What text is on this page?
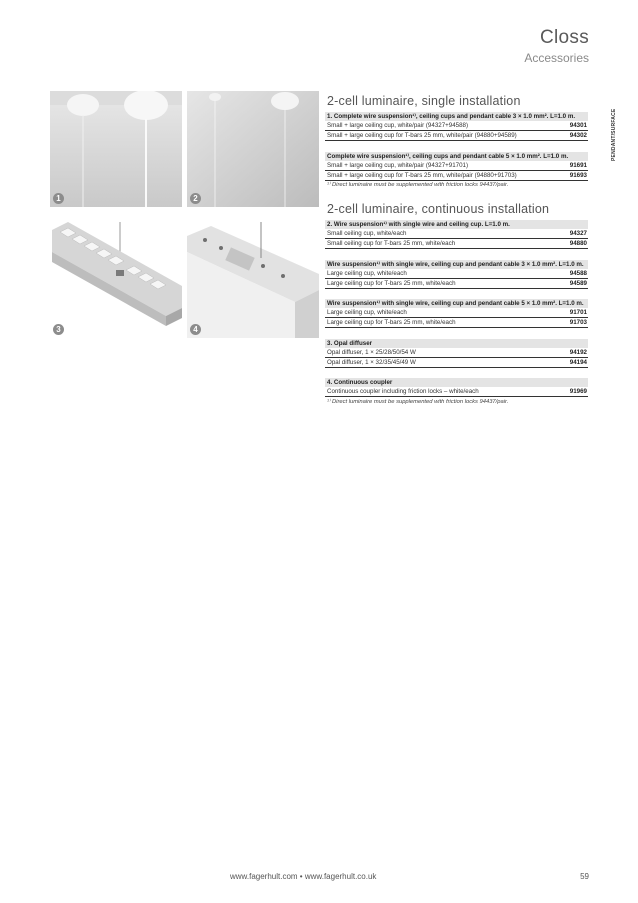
Closs
Accessories
PENDANT/SURFACE
1	2
3	4
2-cell luminaire, single installation
1. Complete wire suspension¹⁾, ceiling cups and pendant cable 3 × 1.0 mm². L=1.0 m.
Small + large ceiling cup, white/pair (94327+94588)	94301
Small + large ceiling cup for T-bars 25 mm, white/pair (94880+94589)	94302
Complete wire suspension¹⁾, ceiling cups and pendant cable 5 × 1.0 mm². L=1.0 m.
Small + large ceiling cup, white/pair (94327+91701)	91691
Small + large ceiling cup for T-bars 25 mm, white/pair (94880+91703)	91693
¹⁾ Direct luminaire must be supplemented with friction locks 94437/pair.
2-cell luminaire, continuous installation
2. Wire suspension¹⁾ with single wire and ceiling cup. L=1.0 m.
Small ceiling cup, white/each	94327
Small ceiling cup for T-bars 25 mm, white/each	94880
Wire suspension¹⁾ with single wire, ceiling cup and pendant cable 3 × 1.0 mm². L=1.0 m.
Large ceiling cup, white/each	94588
Large ceiling cup for T-bars 25 mm, white/each	94589
Wire suspension¹⁾ with single wire, ceiling cup and pendant cable 5 × 1.0 mm². L=1.0 m.
Large ceiling cup, white/each	91701
Large ceiling cup for T-bars 25 mm, white/each	91703
3. Opal diffuser
Opal diffuser, 1 × 25/28/50/54 W	94192
Opal diffuser, 1 × 32/35/45/49 W	94194
4. Continuous coupler
Continuous coupler including friction locks – white/each	91969
¹⁾ Direct luminaire must be supplemented with friction locks 94437/pair.
www.fagerhult.com • www.fagerhult.co.uk	59
